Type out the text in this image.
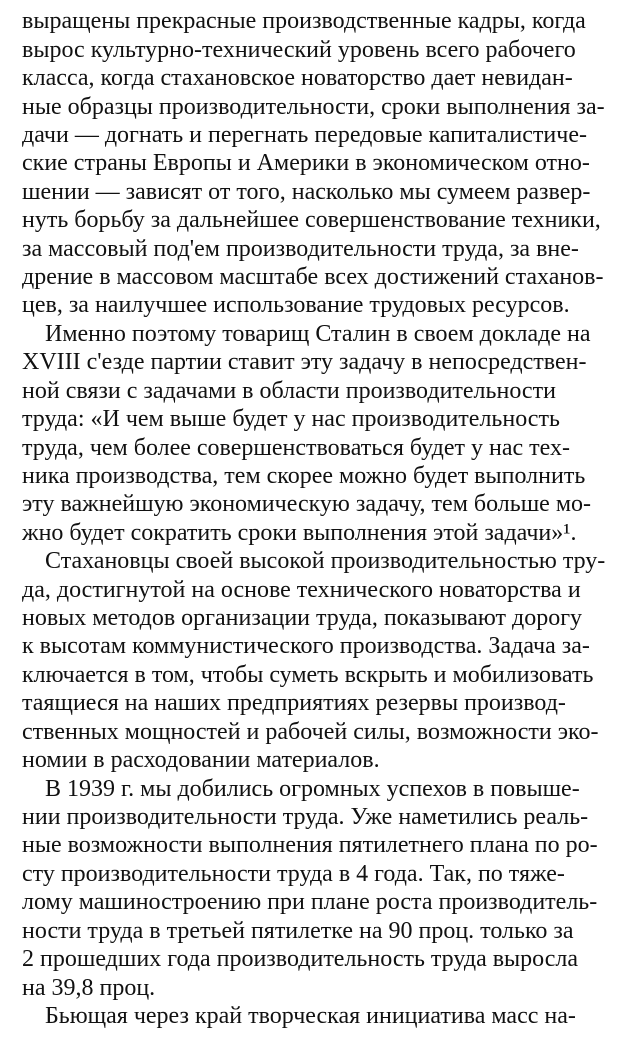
выращены прекрасные производственные кадры, когда
вырос культурно-технический уровень всего рабочего
класса, когда стахановское новаторство дает невидан-
ные образцы производительности, сроки выполнения за-
дачи — догнать и перегнать передовые капиталистиче-
ские страны Европы и Америки в экономическом отно-
шении — зависят от того, насколько мы сумеем развер-
нуть борьбу за дальнейшее совершенствование техники,
за массовый под'ем производительности труда, за вне-
дрение в массовом масштабе всех достижений стаханов-
цев, за наилучшее использование трудовых ресурсов.
Именно поэтому товарищ Сталин в своем докладе на
XVIII с'езде партии ставит эту задачу в непосредствен-
ной связи с задачами в области производительности
труда: «И чем выше будет у нас производительность
труда, чем более совершенствоваться будет у нас тех-
ника производства, тем скорее можно будет выполнить
эту важнейшую экономическую задачу, тем больше мо-
жно будет сократить сроки выполнения этой задачи»¹.
Стахановцы своей высокой производительностью тру-
да, достигнутой на основе технического новаторства и
новых методов организации труда, показывают дорогу
к высотам коммунистического производства. Задача за-
ключается в том, чтобы суметь вскрыть и мобилизовать
таящиеся на наших предприятиях резервы производ-
ственных мощностей и рабочей силы, возможности эко-
номии в расходовании материалов.
В 1939 г. мы добились огромных успехов в повыше-
нии производительности труда. Уже наметились реаль-
ные возможности выполнения пятилетнего плана по ро-
сту производительности труда в 4 года. Так, по тяже-
лому машиностроению при плане роста производитель-
ности труда в третьей пятилетке на 90 проц. только за
2 прошедших года производительность труда выросла
на 39,8 проц.
Бьющая через край творческая инициатива масс на-
